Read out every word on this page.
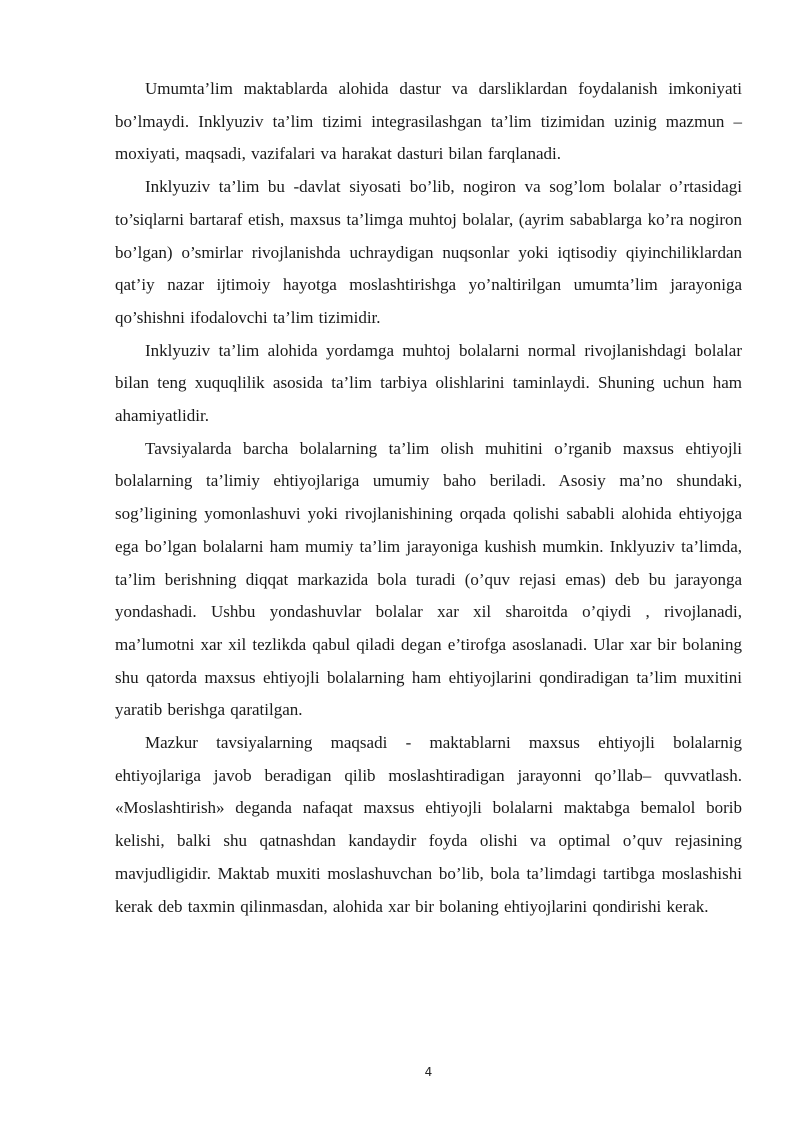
Umumta’lim maktablarda alohida dastur va darsliklardan foydalanish imkoniyati bo’lmaydi. Inklyuziv ta’lim tizimi integrasilashgan ta’lim tizimidan uzinig mazmun – moxiyati, maqsadi, vazifalari va harakat dasturi bilan farqlanadi.

Inklyuziv ta’lim bu -davlat siyosati bo’lib, nogiron va sog’lom bolalar o’rtasidagi to’siqlarni bartaraf etish, maxsus ta’limga muhtoj bolalar, (ayrim sabablarga ko’ra nogiron bo’lgan) o’smirlar rivojlanishda uchraydigan nuqsonlar yoki iqtisodiy qiyinchiliklardan qat’iy nazar ijtimoiy hayotga moslashtirishga yo’naltirilgan umumta’lim jarayoniga qo’shishni ifodalovchi ta’lim tizimidir.

Inklyuziv ta’lim alohida yordamga muhtoj bolalarni normal rivojlanishdagi bolalar bilan teng xuquqlilik asosida ta’lim tarbiya olishlarini taminlaydi. Shuning uchun ham ahamiyatlidir.

Tavsiyalarda barcha bolalarning ta’lim olish muhitini o’rganib maxsus ehtiyojli bolalarning ta’limiy ehtiyojlariga umumiy baho beriladi. Asosiy ma’no shundaki, sog’ligining yomonlashuvi yoki rivojlanishining orqada qolishi sababli alohida ehtiyojga ega bo’lgan bolalarni ham mumiy ta’lim jarayoniga kushish mumkin. Inklyuziv ta’limda, ta’lim berishning diqqat markazida bola turadi (o’quv rejasi emas) deb bu jarayonga yondashadi. Ushbu yondashuvlar bolalar xar xil sharoitda o’qiydi , rivojlanadi, ma’lumotni xar xil tezlikda qabul qiladi degan e’tirofga asoslanadi. Ular xar bir bolaning shu qatorda maxsus ehtiyojli bolalarning ham ehtiyojlarini qondiradigan ta’lim muxitini yaratib berishga qaratilgan.

Mazkur tavsiyalarning maqsadi - maktablarni maxsus ehtiyojli bolalarnig ehtiyojlariga javob beradigan qilib moslashtiradigan jarayonni qo’llab– quvvatlash. «Moslashtirish» deganda nafaqat maxsus ehtiyojli bolalarni maktabga bemalol borib kelishi, balki shu qatnashdan kandaydir foyda olishi va optimal o’quv rejasining mavjudligidir. Maktab muxiti moslashuvchan bo’lib, bola ta’limdagi tartibga moslashishi kerak deb taxmin qilinmasdan, alohida xar bir bolaning ehtiyojlarini qondirishi kerak.

4
